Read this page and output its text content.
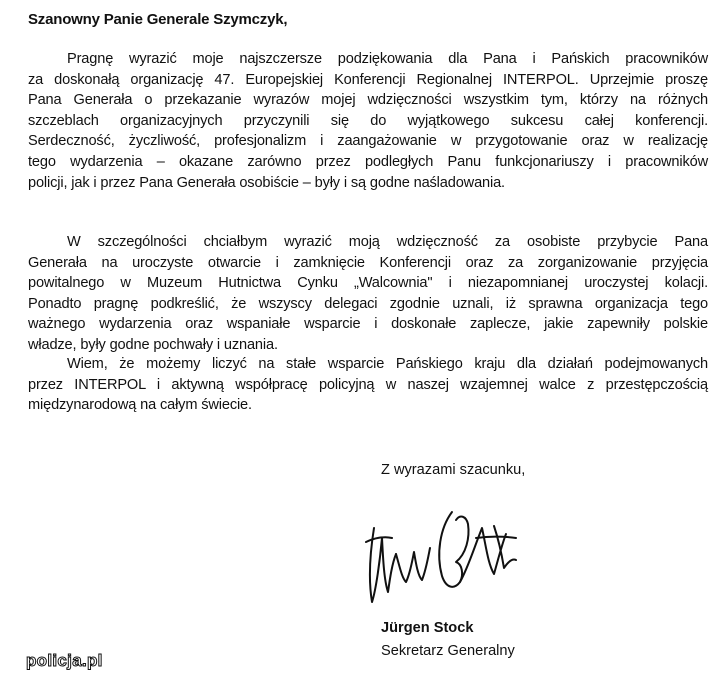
Szanowny Panie Generale Szymczyk,
Pragnę wyrazić moje najszczersze podziękowania dla Pana i Pańskich pracowników
za doskonałą organizację 47. Europejskiej Konferencji Regionalnej INTERPOL. Uprzejmie proszę
Pana Generała o przekazanie wyrazów mojej wdzięczności wszystkim tym, którzy na różnych
szczeblach organizacyjnych przyczynili się do wyjątkowego sukcesu całej konferencji.
Serdeczność, życzliwość, profesjonalizm i zaangażowanie w przygotowanie oraz w realizację
tego wydarzenia – okazane zarówno przez podległych Panu funkcjonariuszy i pracowników
policji, jak i przez Pana Generała osobiście – były i są godne naśladowania.
W szczególności chciałbym wyrazić moją wdzięczność za osobiste przybycie Pana
Generała na uroczyste otwarcie i zamknięcie Konferencji oraz za zorganizowanie przyjęcia
powitalnego w Muzeum Hutnictwa Cynku „Walcownia" i niezapomnianej uroczystej kolacji.
Ponadto pragnę podkreślić, że wszyscy delegaci zgodnie uznali, iż sprawna organizacja tego
ważnego wydarzenia oraz wspaniałe wsparcie i doskonałe zaplecze, jakie zapewniły polskie
władze, były godne pochwały i uznania.
Wiem, że możemy liczyć na stałe wsparcie Pańskiego kraju dla działań podejmowanych
przez INTERPOL i aktywną współpracę policyjną w naszej wzajemnej walce z przestępczością
międzynarodową na całym świecie.
Z wyrazami szacunku,
Jürgen Stock
Sekretarz Generalny
policja.pl
